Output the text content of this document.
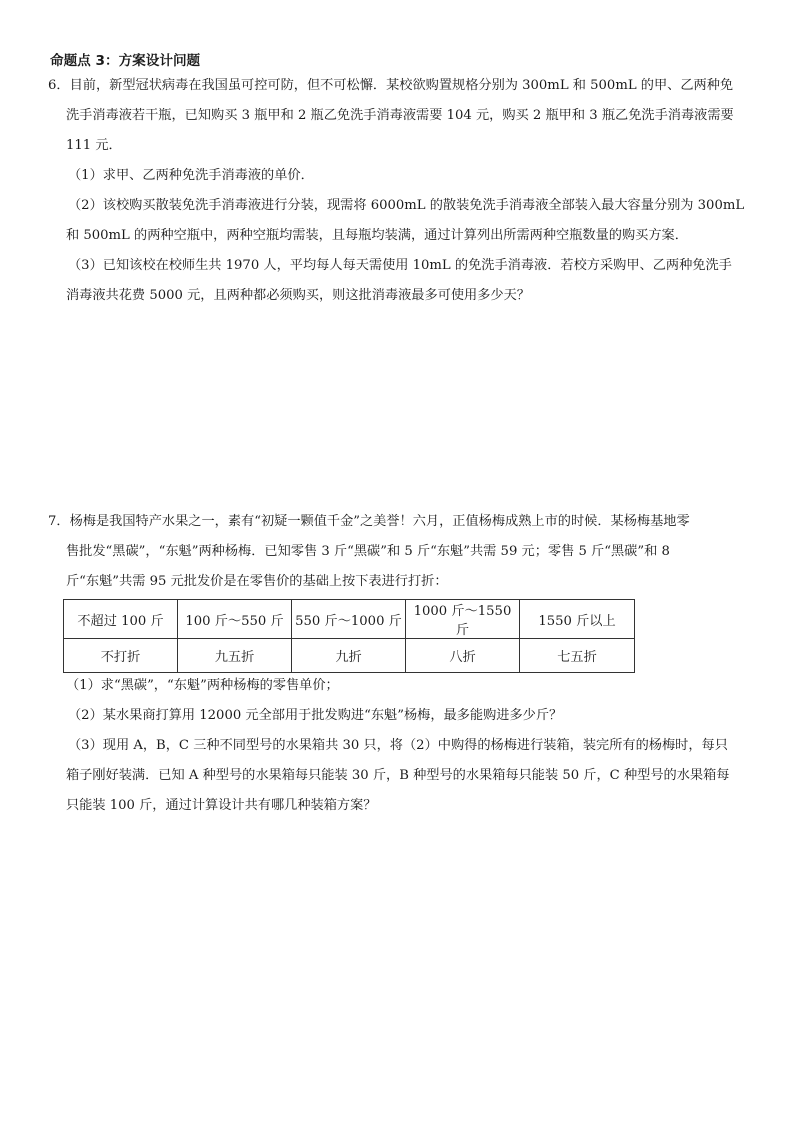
命题点 3：方案设计问题
6．目前，新型冠状病毒在我国虽可控可防，但不可松懈．某校欲购置规格分别为 300mL 和 500mL 的甲、乙两种免
洗手消毒液若干瓶，已知购买 3 瓶甲和 2 瓶乙免洗手消毒液需要 104 元，购买 2 瓶甲和 3 瓶乙免洗手消毒液需要
111 元．
（1）求甲、乙两种免洗手消毒液的单价．
（2）该校购买散装免洗手消毒液进行分装，现需将 6000mL 的散装免洗手消毒液全部装入最大容量分别为 300mL
和 500mL 的两种空瓶中，两种空瓶均需装，且每瓶均装满，通过计算列出所需两种空瓶数量的购买方案．
（3）已知该校在校师生共 1970 人，平均每人每天需使用 10mL 的免洗手消毒液．若校方采购甲、乙两种免洗手
消毒液共花费 5000 元，且两种都必须购买，则这批消毒液最多可使用多少天？
7．杨梅是我国特产水果之一，素有“初疑一颗值千金”之美誉！六月，正值杨梅成熟上市的时候．某杨梅基地零
售批发“黑碳”，“东魁”两种杨梅．已知零售 3 斤“黑碳”和 5 斤“东魁”共需 59 元；零售 5 斤“黑碳”和 8
斤“东魁”共需 95 元批发价是在零售价的基础上按下表进行打折：
不超过 100 斤	100 斤～550 斤	550 斤～1000 斤	1000 斤～1550 斤	1550 斤以上
不打折	九五折	九折	八折	七五折
（1）求“黑碳”，“东魁”两种杨梅的零售单价；
（2）某水果商打算用 12000 元全部用于批发购进“东魁”杨梅，最多能购进多少斤？
（3）现用 A，B，C 三种不同型号的水果箱共 30 只，将（2）中购得的杨梅进行装箱，装完所有的杨梅时，每只
箱子刚好装满．已知 A 种型号的水果箱每只能装 30 斤，B 种型号的水果箱每只能装 50 斤，C 种型号的水果箱每
只能装 100 斤，通过计算设计共有哪几种装箱方案？
